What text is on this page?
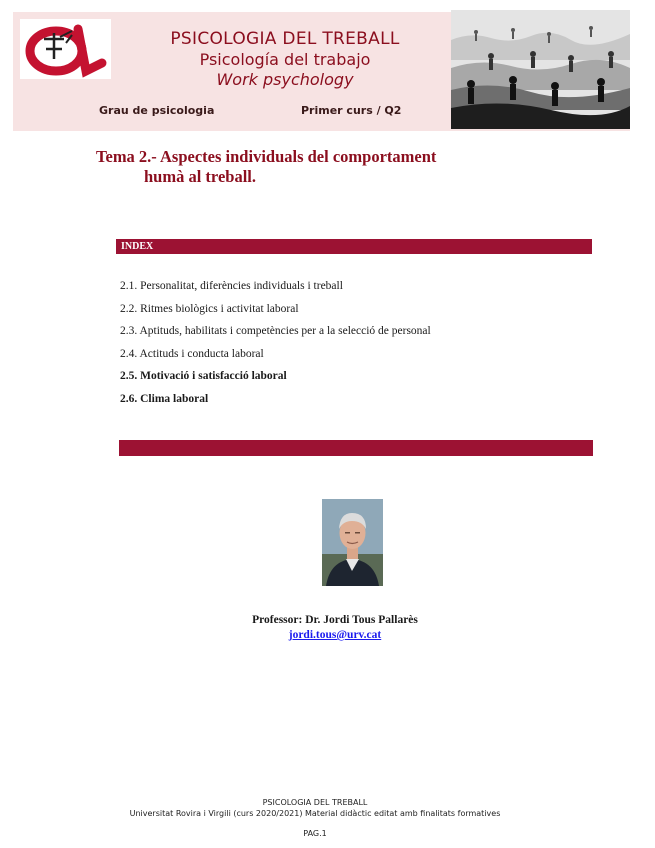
PSICOLOGIA DEL TREBALL
Psicología del trabajo
Work psychology
Grau de psicologia	Primer curs / Q2
Tema 2.- Aspectes individuals del comportament
humà al treball.
INDEX
2.1. Personalitat, diferències individuals i treball
2.2. Ritmes biològics i activitat laboral
2.3. Aptituds, habilitats i competències per a la selecció de personal
2.4. Actituds i conducta laboral
2.5. Motivació i satisfacció laboral
2.6. Clima laboral
Professor: Dr. Jordi Tous Pallarès
jordi.tous@urv.cat
PSICOLOGIA DEL TREBALL
Universitat Rovira i Virgili (curs 2020/2021) Material didàctic editat amb finalitats formatives
PAG.1
